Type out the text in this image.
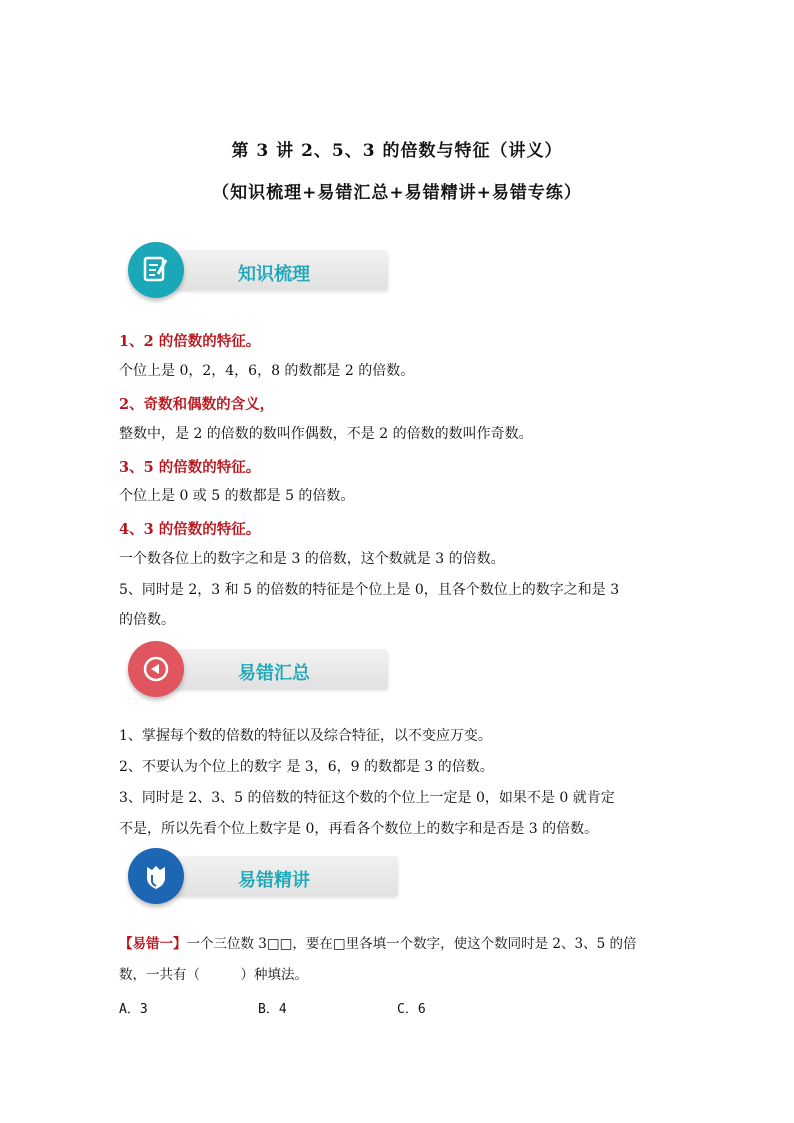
第 3 讲 2、5、3 的倍数与特征（讲义）
（知识梳理+易错汇总+易错精讲+易错专练）
知识梳理
1、2 的倍数的特征。
个位上是 0，2，4，6，8 的数都是 2 的倍数。
2、奇数和偶数的含义，
整数中，是 2 的倍数的数叫作偶数，不是 2 的倍数的数叫作奇数。
3、5 的倍数的特征。
个位上是 0 或 5 的数都是 5 的倍数。
4、3 的倍数的特征。
一个数各位上的数字之和是 3 的倍数，这个数就是 3 的倍数。
5、同时是 2，3 和 5 的倍数的特征是个位上是 0，且各个数位上的数字之和是 3
的倍数。
易错汇总
1、掌握每个数的倍数的特征以及综合特征，以不变应万变。
2、不要认为个位上的数字 是 3，6，9 的数都是 3 的倍数。
3、同时是 2、3、5 的倍数的特征这个数的个位上一定是 0，如果不是 0 就肯定
不是，所以先看个位上数字是 0，再看各个数位上的数字和是否是 3 的倍数。
易错精讲
【易错一】一个三位数 3□□，要在□里各填一个数字，使这个数同时是 2、3、5 的倍
数，一共有（　　　）种填法。
A．3	B．4	C．6
